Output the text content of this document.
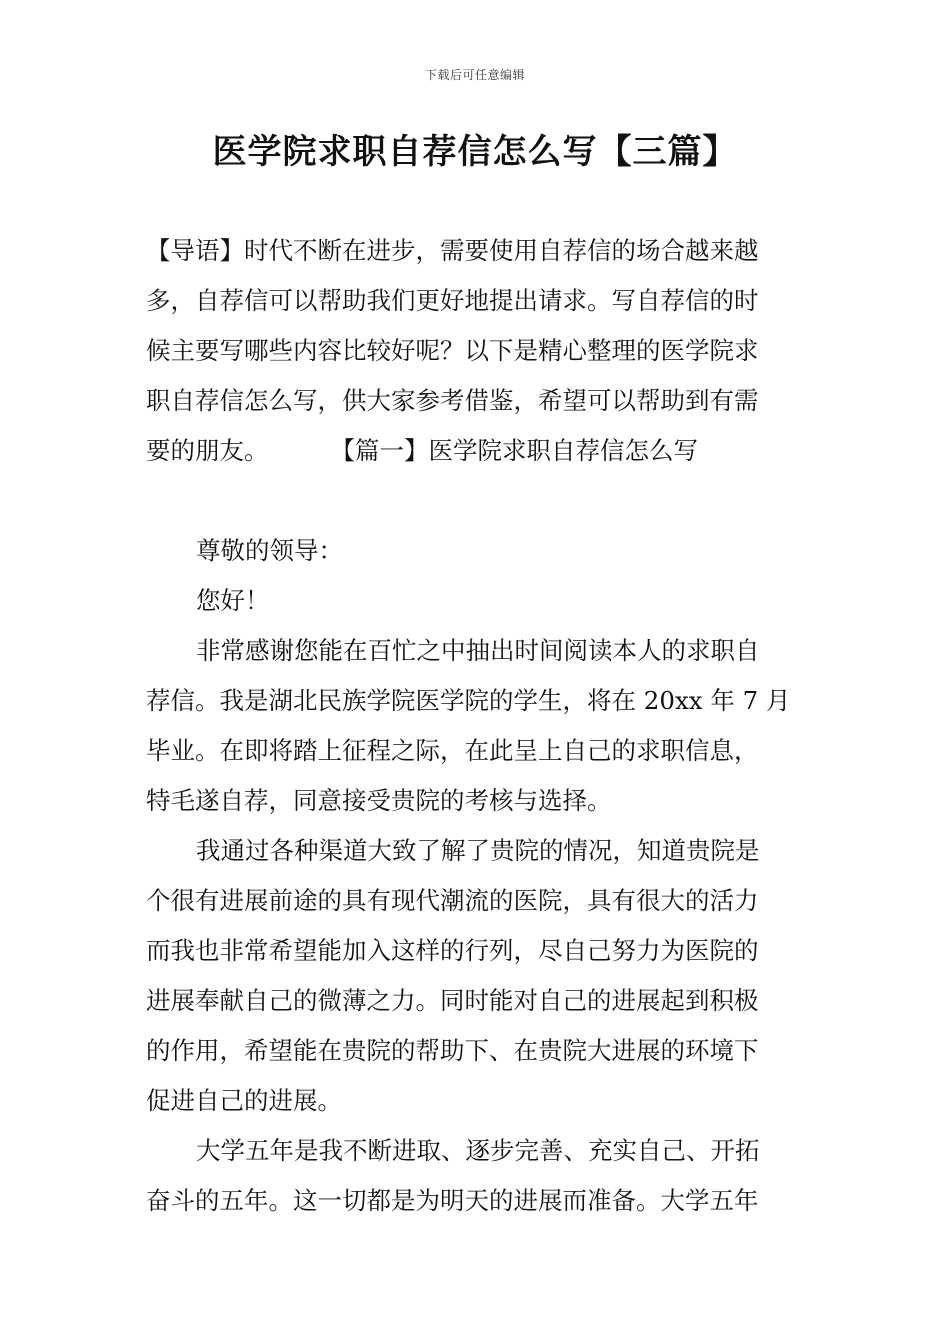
下载后可任意编辑
医学院求职自荐信怎么写【三篇】
【导语】时代不断在进步，需要使用自荐信的场合越来越
多，自荐信可以帮助我们更好地提出请求。写自荐信的时
候主要写哪些内容比较好呢？以下是精心整理的医学院求
职自荐信怎么写，供大家参考借鉴，希望可以帮助到有需
要的朋友。	【篇一】医学院求职自荐信怎么写
尊敬的领导：
您好！
非常感谢您能在百忙之中抽出时间阅读本人的求职自
荐信。我是湖北民族学院医学院的学生，将在 20xx 年 7 月
毕业。在即将踏上征程之际，在此呈上自己的求职信息，
特毛遂自荐，同意接受贵院的考核与选择。
我通过各种渠道大致了解了贵院的情况，知道贵院是
个很有进展前途的具有现代潮流的医院，具有很大的活力
而我也非常希望能加入这样的行列，尽自己努力为医院的
进展奉献自己的微薄之力。同时能对自己的进展起到积极
的作用，希望能在贵院的帮助下、在贵院大进展的环境下
促进自己的进展。
大学五年是我不断进取、逐步完善、充实自己、开拓
奋斗的五年。这一切都是为明天的进展而准备。大学五年
